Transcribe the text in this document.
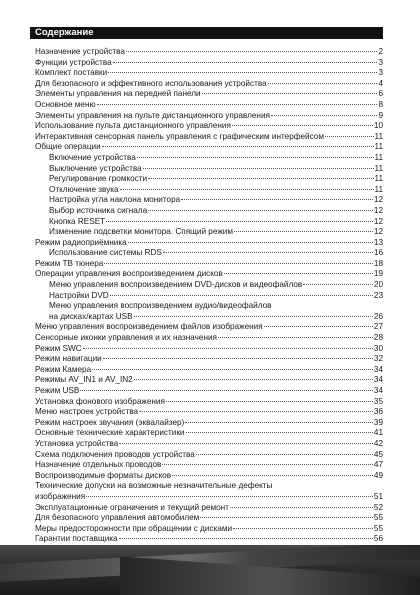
Содержание
Назначение устройства	2
Функции устройства	3
Комплект поставки	3
Для безопасного и эффективного использования устройства	4
Элементы управления на передней панели	6
Основное меню	8
Элементы управления на пульте дистанционного управления	9
Использование пульта дистанционного управления	10
Интерактивная сенсорная панель управления с графическим интерфейсом	11
Общие операции	11
Включение устройства	11
Выключение устройства	11
Регулирование громкости	11
Отключение звука	11
Настройка угла наклона монитора	12
Выбор источника сигнала	12
Кнопка RESET	12
Изменение подсветки монитора. Спящий режим	12
Режим радиоприёмника	13
Использование системы RDS	16
Режим ТВ тюнера	18
Операции управления воспроизведением дисков	19
Меню управления воспроизведением DVD-дисков и видеофайлов	20
Настройки DVD	23
Меню управления воспроизведением аудио/видеофайлов
на дисках/картах USB	26
Меню управления воспроизведением файлов изображения	27
Сенсорные иконки управления и их назначения	28
Режим SWC	30
Режим навигации	32
Режим Камера	34
Режимы AV_IN1 и AV_IN2	34
Режим USB	34
Установка фонового изображения	35
Меню настроек устройства	36
Режим настроек звучания (эквалайзер)	39
Основные технические характеристики	41
Установка устройства	42
Схема подключения проводов устройства	45
Назначение отдельных проводов	47
Воспроизводимые форматы дисков	49
Технические допуски на возможные незначительные дефекты
изображения	51
Эксплуатационные ограничения и текущий ремонт	52
Для безопасного управления автомобилем	55
Меры предосторожности при обращении с дисками	55
Гарантии поставщика	56
